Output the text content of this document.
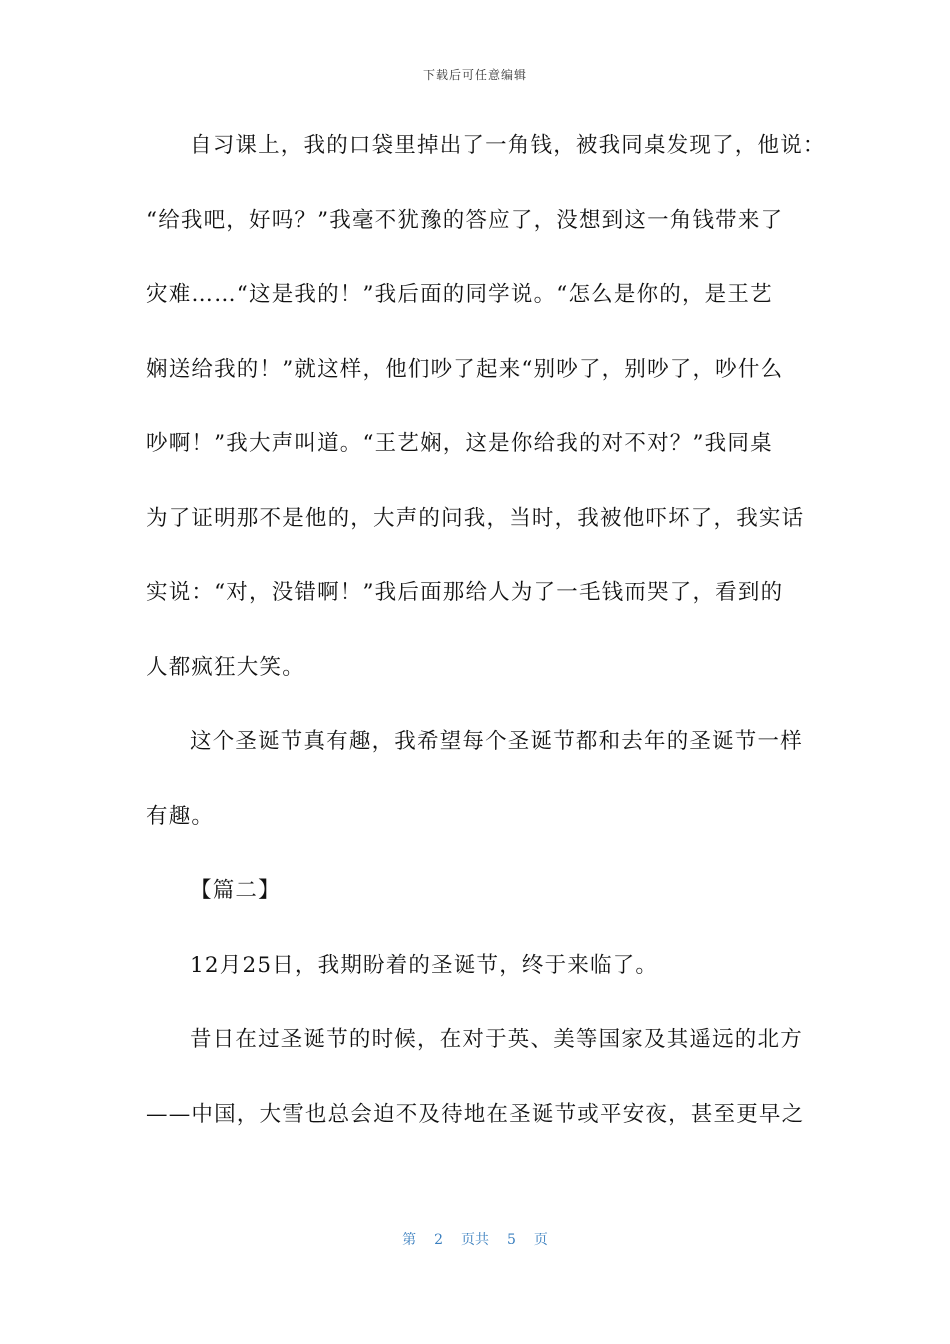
下载后可任意编辑
自习课上，我的口袋里掉出了一角钱，被我同桌发现了，他说：
“给我吧，好吗？”我毫不犹豫的答应了，没想到这一角钱带来了
灾难……“这是我的！”我后面的同学说。“怎么是你的，是王艺
娴送给我的！”就这样，他们吵了起来“别吵了，别吵了，吵什么
吵啊！”我大声叫道。“王艺娴，这是你给我的对不对？”我同桌
为了证明那不是他的，大声的问我，当时，我被他吓坏了，我实话
实说：“对，没错啊！”我后面那给人为了一毛钱而哭了，看到的
人都疯狂大笑。
这个圣诞节真有趣，我希望每个圣诞节都和去年的圣诞节一样
有趣。
【篇二】
12月25日，我期盼着的圣诞节，终于来临了。
昔日在过圣诞节的时候，在对于英、美等国家及其遥远的北方
——中国，大雪也总会迫不及待地在圣诞节或平安夜，甚至更早之
第 2 页共 5 页
